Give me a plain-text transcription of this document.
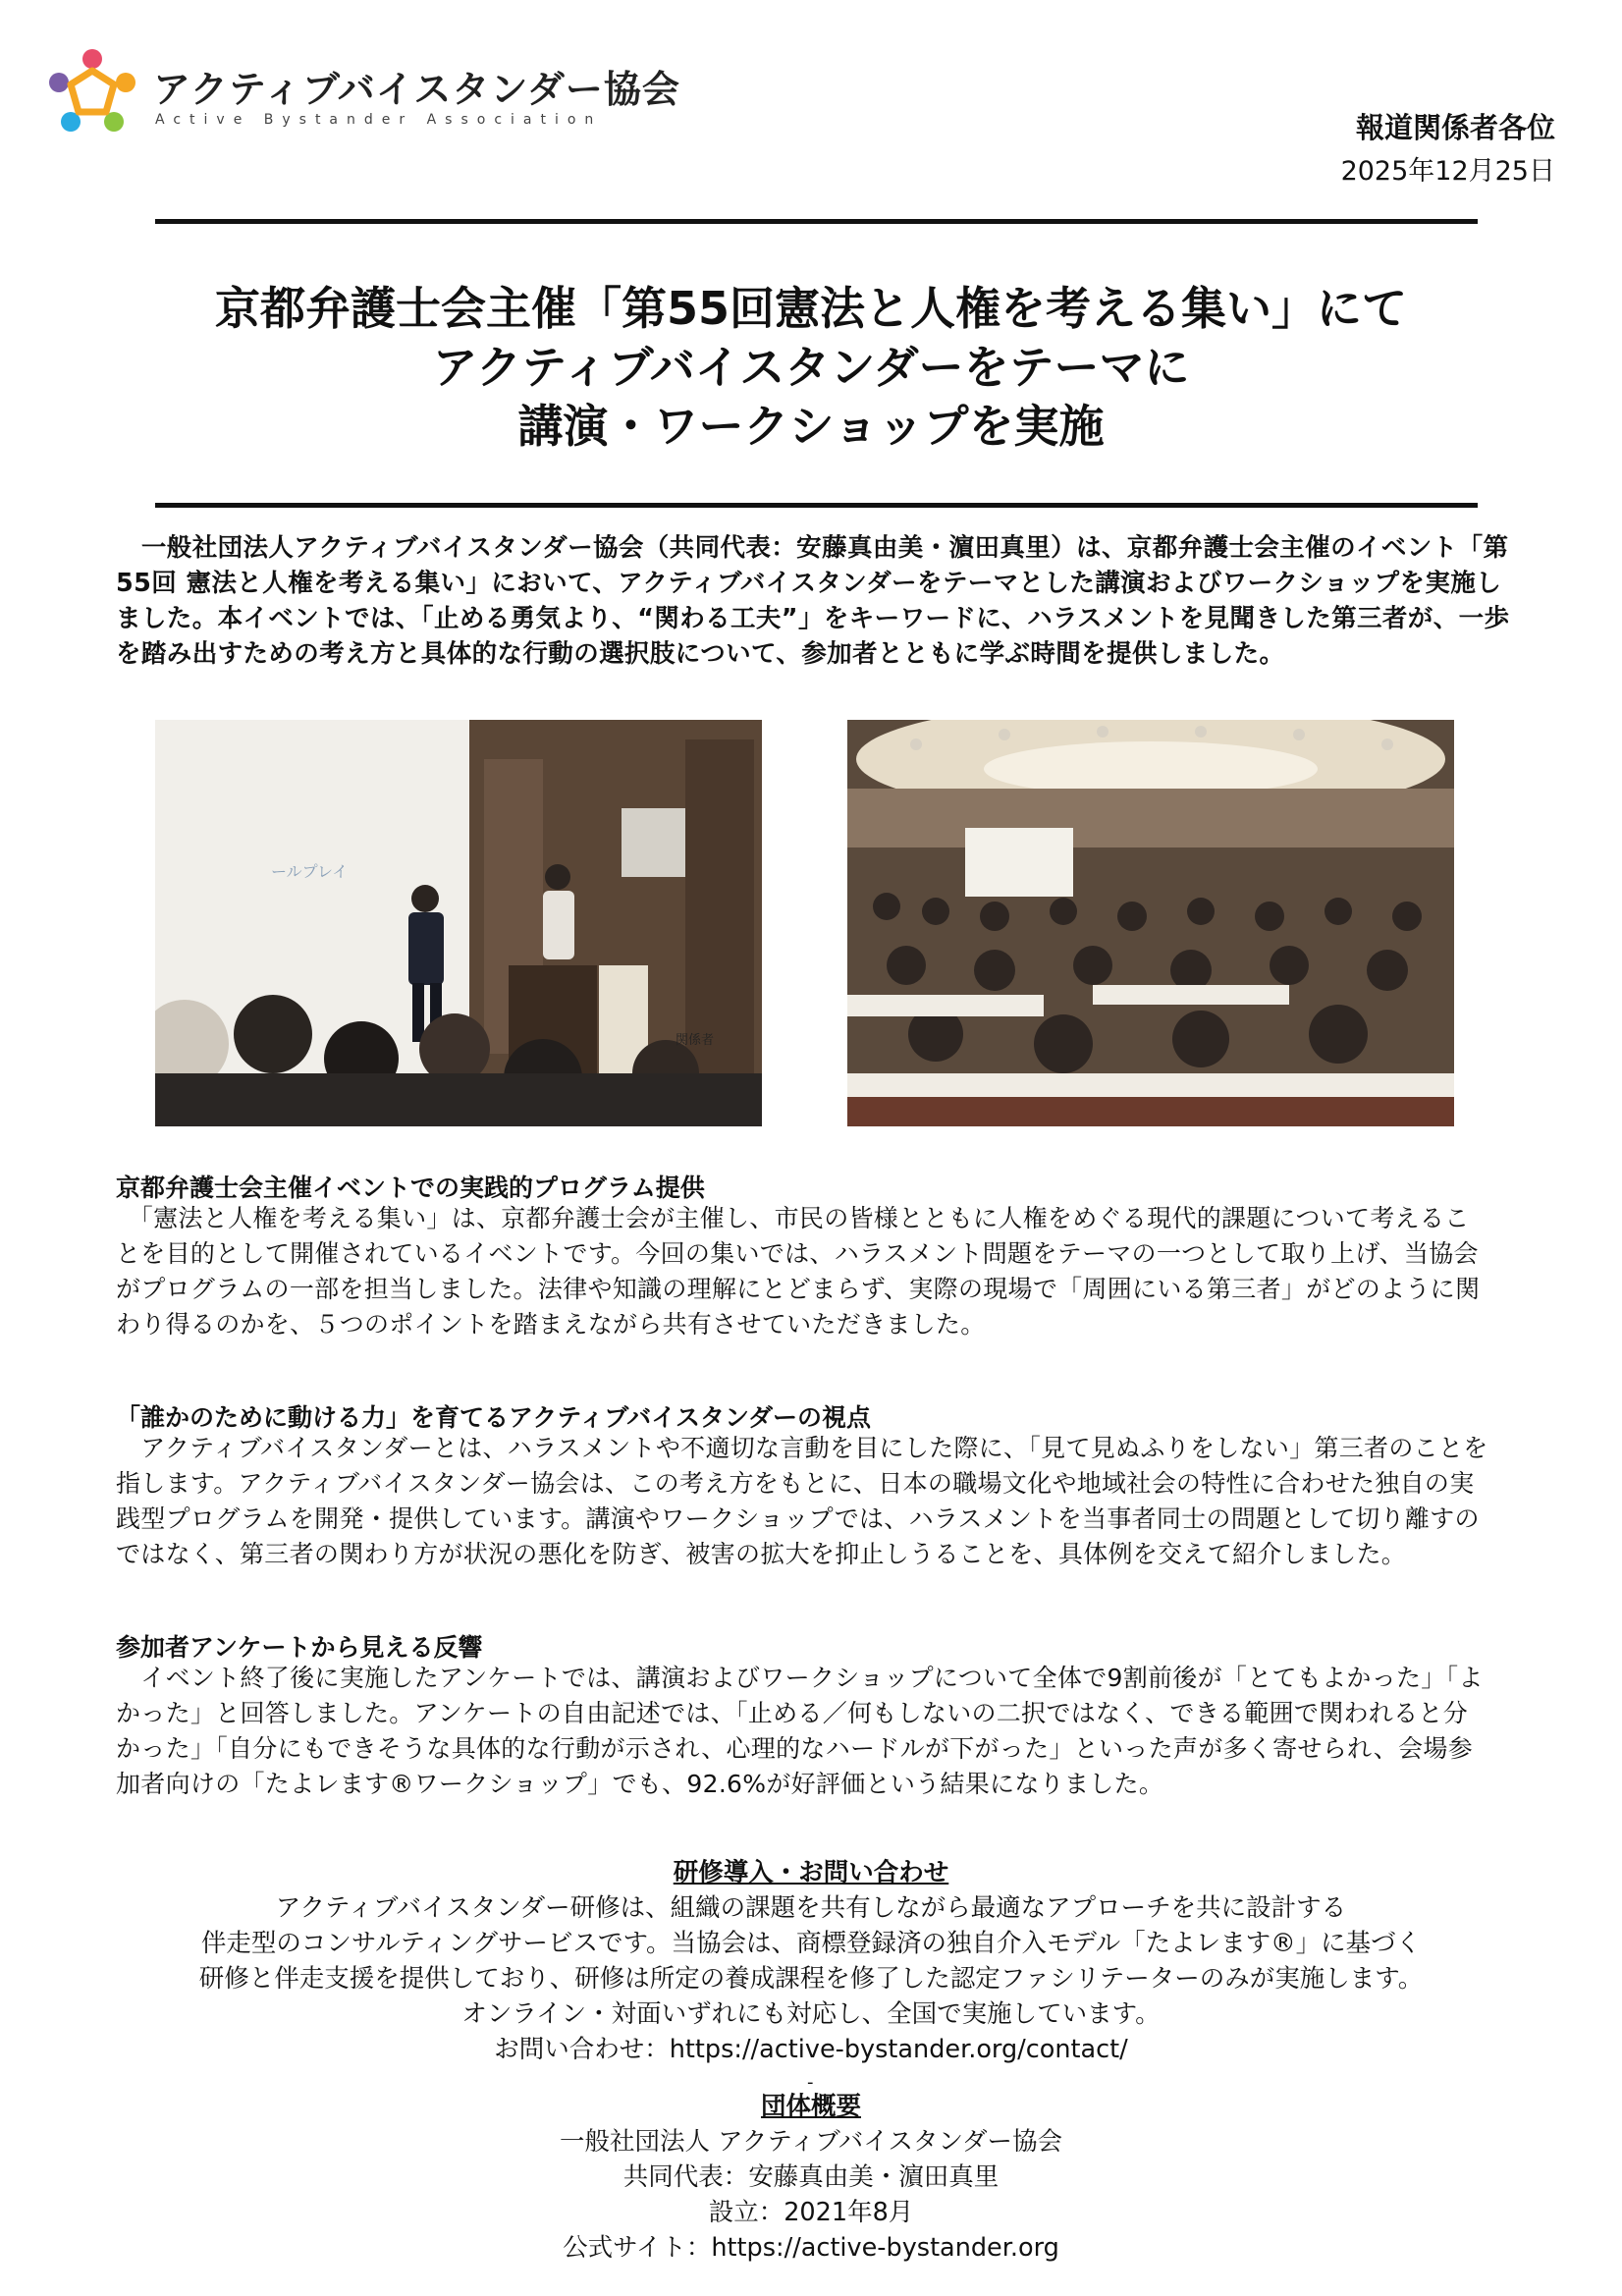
アクティブバイスタンダー協会
Active Bystander Association	報道関係者各位
2025年12月25日
京都弁護士会主催「第55回憲法と人権を考える集い」にて
アクティブバイスタンダーをテーマに
講演・ワークショップを実施
　一般社団法人アクティブバイスタンダー協会（共同代表：安藤真由美・濵田真里）は、京都弁護士会主催のイベント「第55回 憲法と人権を考える集い」において、アクティブバイスタンダーをテーマとした講演およびワークショップを実施しました。本イベントでは、「止める勇気より、“関わる工夫”」をキーワードに、ハラスメントを見聞きした第三者が、一歩を踏み出すための考え方と具体的な行動の選択肢について、参加者とともに学ぶ時間を提供しました。
ールプレイ
関係者
京都弁護士会主催イベントでの実践的プログラム提供
　「憲法と人権を考える集い」は、京都弁護士会が主催し、市民の皆様とともに人権をめぐる現代的課題について考えることを目的として開催されているイベントです。今回の集いでは、ハラスメント問題をテーマの一つとして取り上げ、当協会がプログラムの一部を担当しました。法律や知識の理解にとどまらず、実際の現場で「周囲にいる第三者」がどのように関わり得るのかを、５つのポイントを踏まえながら共有させていただきました。
「誰かのために動ける力」を育てるアクティブバイスタンダーの視点
　アクティブバイスタンダーとは、ハラスメントや不適切な言動を目にした際に、「見て見ぬふりをしない」第三者のことを指します。アクティブバイスタンダー協会は、この考え方をもとに、日本の職場文化や地域社会の特性に合わせた独自の実践型プログラムを開発・提供しています。講演やワークショップでは、ハラスメントを当事者同士の問題として切り離すのではなく、第三者の関わり方が状況の悪化を防ぎ、被害の拡大を抑止しうることを、具体例を交えて紹介しました。
参加者アンケートから見える反響
　イベント終了後に実施したアンケートでは、講演およびワークショップについて全体で9割前後が「とてもよかった」「よかった」と回答しました。アンケートの自由記述では、「止める／何もしないの二択ではなく、できる範囲で関われると分かった」「自分にもできそうな具体的な行動が示され、心理的なハードルが下がった」といった声が多く寄せられ、会場参加者向けの「たよレます®ワークショップ」でも、92.6%が好評価という結果になりました。
研修導入・お問い合わせ
アクティブバイスタンダー研修は、組織の課題を共有しながら最適なアプローチを共に設計する
伴走型のコンサルティングサービスです。当協会は、商標登録済の独自介入モデル「たよレます®」に基づく
研修と伴走支援を提供しており、研修は所定の養成課程を修了した認定ファシリテーターのみが実施します。
オンライン・対面いずれにも対応し、全国で実施しています。
お問い合わせ：https://active-bystander.org/contact/
-
団体概要
一般社団法人 アクティブバイスタンダー協会
共同代表：安藤真由美・濵田真里
設立：2021年8月
公式サイト：https://active-bystander.org
